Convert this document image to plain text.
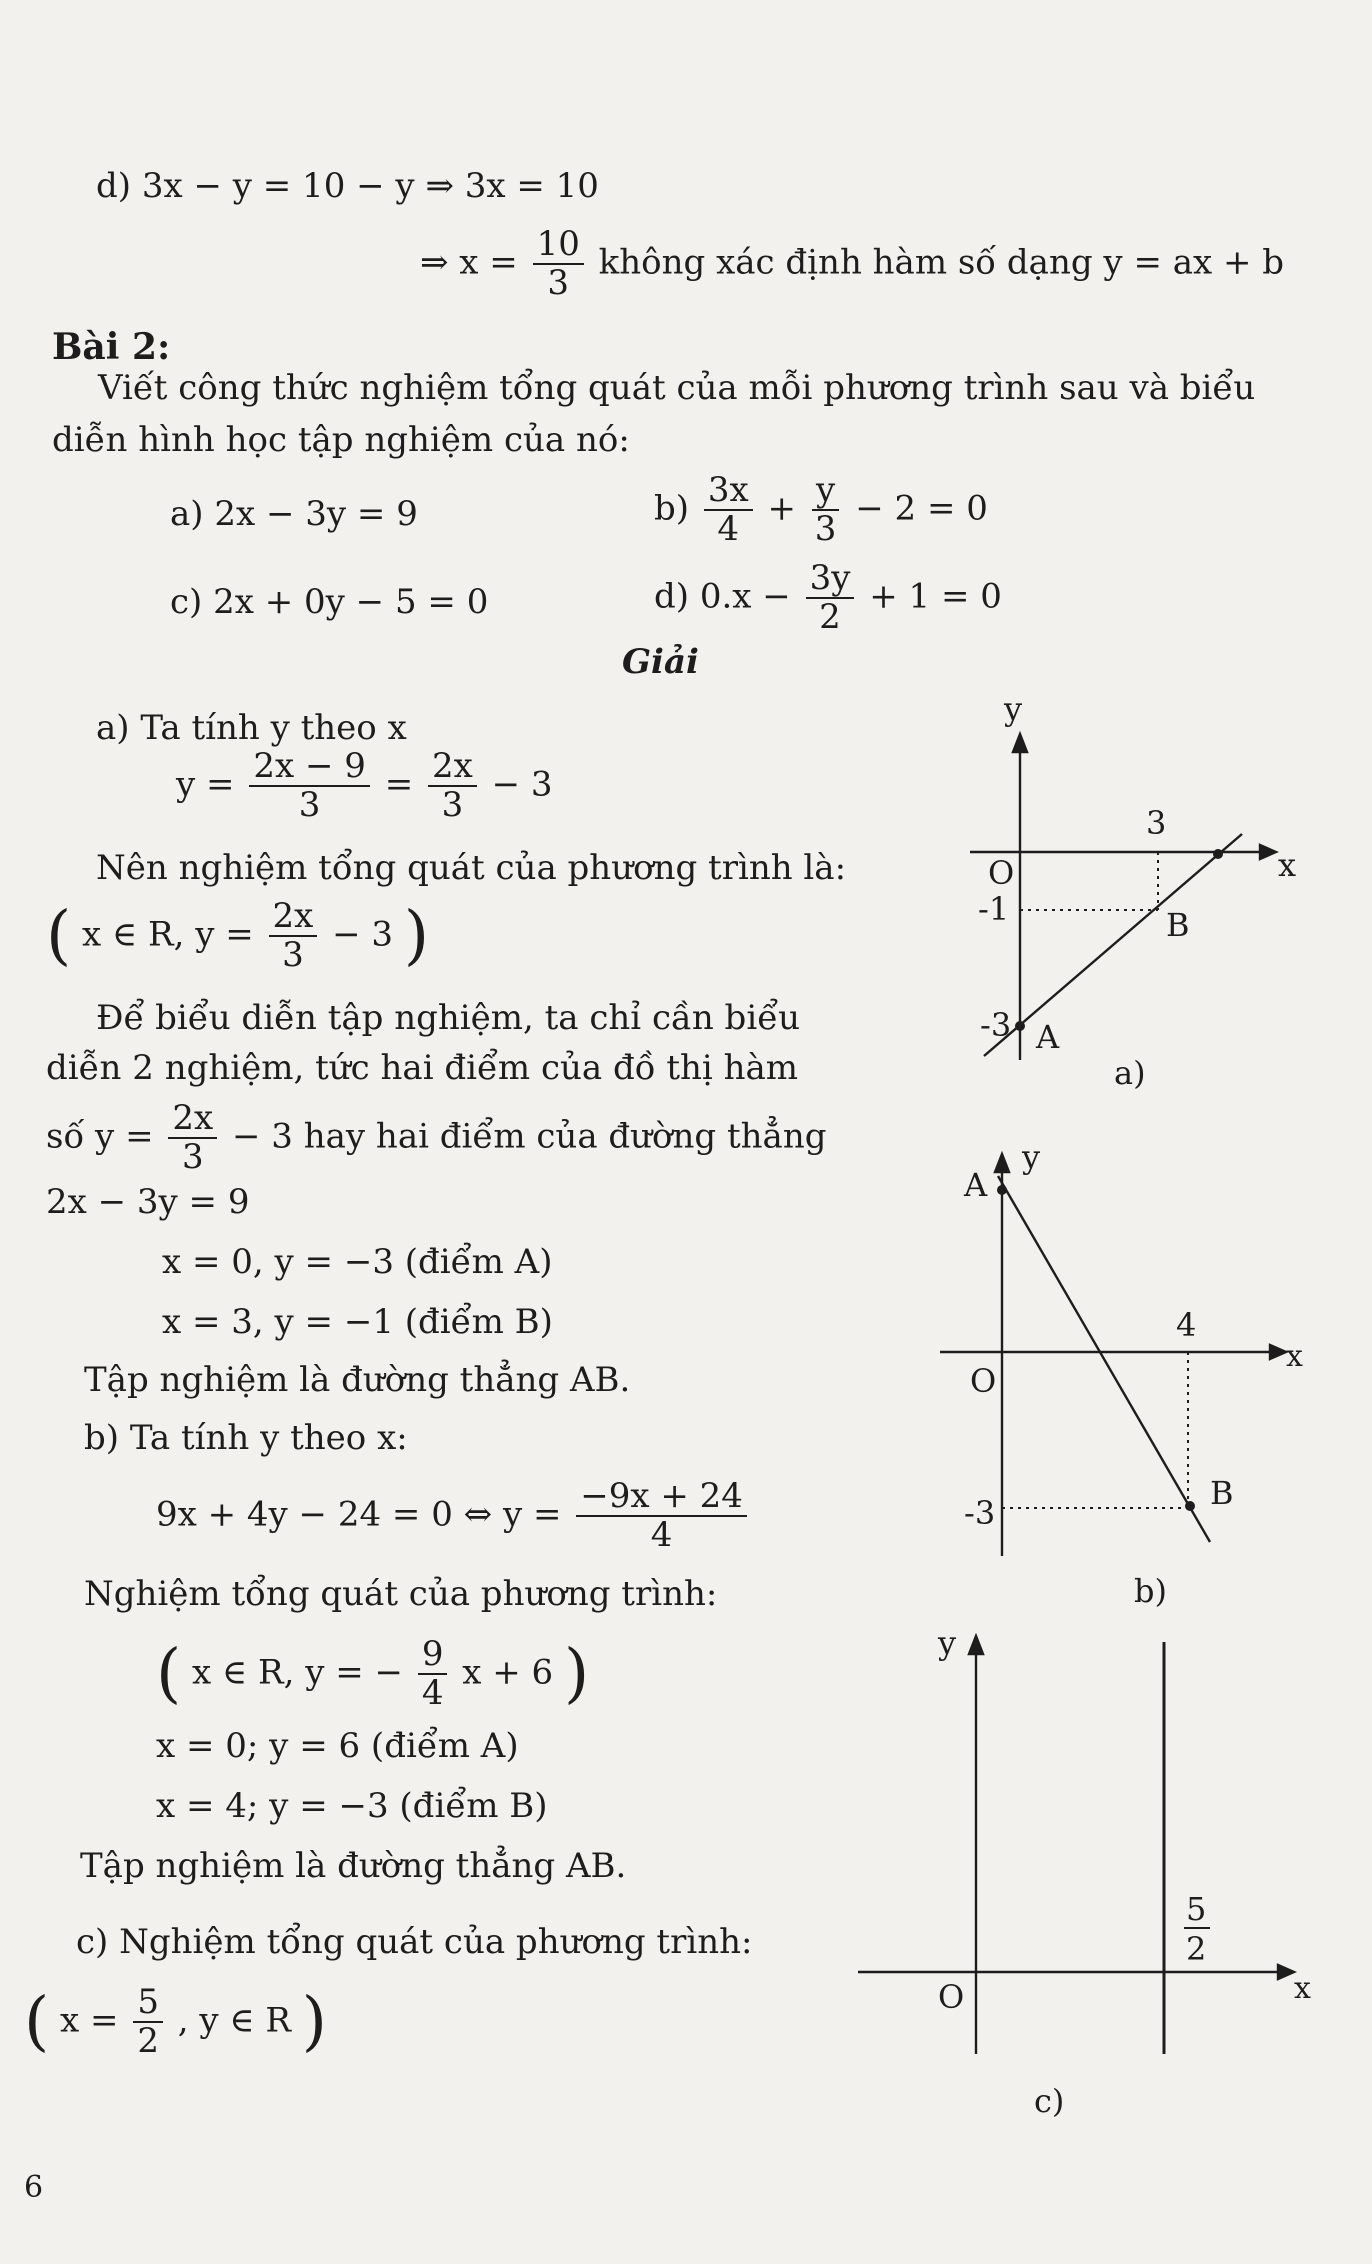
d) 3x − y = 10 − y ⇒ 3x = 10
⇒ $x = \frac{10}{3}$ không xác định hàm số dạng y = ax + b
Bài 2:
Viết công thức nghiệm tổng quát của mỗi phương trình sau và biểu
diễn hình học tập nghiệm của nó:
a) 2x − 3y = 9	$b) \frac{3x}{4} + \frac{y}{3} - 2 = 0$
c) 2x + 0y − 5 = 0	d) $0.x - \frac{3y}{2} + 1 = 0$
Giải
a) Ta tính y theo x
$y = \frac{2x - 9}{3} = \frac{2x}{3} - 3$
Nên nghiệm tổng quát của phương trình là:
( x ∈ R, $y = \frac{2x}{3} - 3$ )
Để biểu diễn tập nghiệm, ta chỉ cần biểu
diễn 2 nghiệm, tức hai điểm của đồ thị hàm
số $y = \frac{2x}{3} - 3$ hay hai điểm của đường thẳng
2x − 3y = 9
x = 0, y = −3 (điểm A)
x = 3, y = −1 (điểm B)
Tập nghiệm là đường thẳng AB.
b) Ta tính y theo x:
9x + 4y − 24 = 0 ⇔ $y = \frac{-9x + 24}{4}$
Nghiệm tổng quát của phương trình:
( x ∈ R, y = − $\frac{9}{4}$ x + 6 )
x = 0; y = 6 (điểm A)
x = 4; y = −3 (điểm B)
Tập nghiệm là đường thẳng AB.
c) Nghiệm tổng quát của phương trình:
( $x = \frac{5}{2}$ , y ∈ R )
6
y
x
O
3
-1
-3 A
B
a)
y
x
O
4
-3
A
B
b)
y
x
O
5
2
c)
